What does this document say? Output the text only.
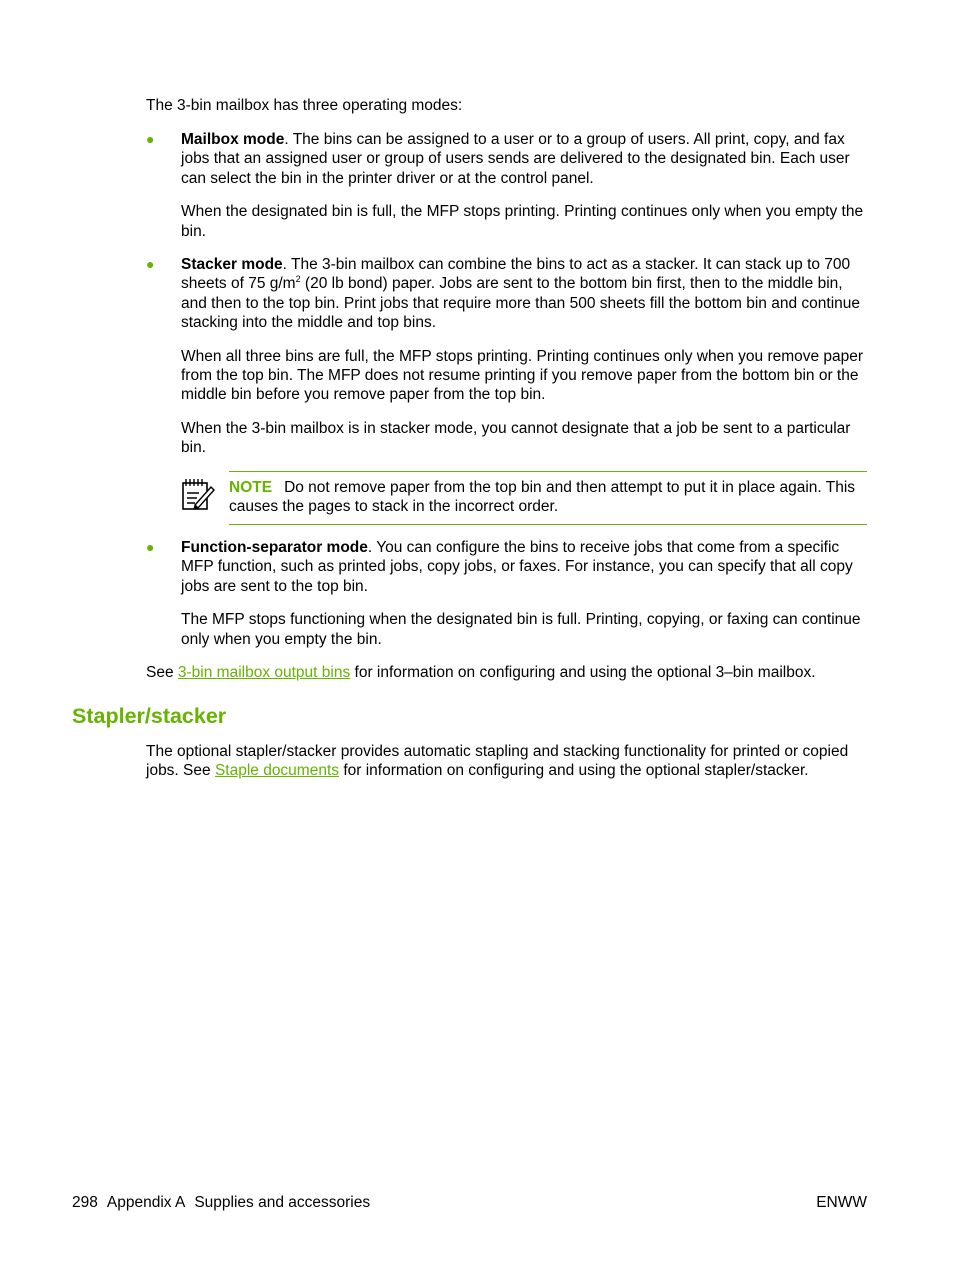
The 3-bin mailbox has three operating modes:

● Mailbox mode. The bins can be assigned to a user or to a group of users. All print, copy, and fax jobs that an assigned user or group of users sends are delivered to the designated bin. Each user can select the bin in the printer driver or at the control panel.

When the designated bin is full, the MFP stops printing. Printing continues only when you empty the bin.

● Stacker mode. The 3-bin mailbox can combine the bins to act as a stacker. It can stack up to 700 sheets of 75 $g/m^2$ (20 lb bond) paper. Jobs are sent to the bottom bin first, then to the middle bin, and then to the top bin. Print jobs that require more than 500 sheets fill the bottom bin and continue stacking into the middle and top bins.

When all three bins are full, the MFP stops printing. Printing continues only when you remove paper from the top bin. The MFP does not resume printing if you remove paper from the bottom bin or the middle bin before you remove paper from the top bin.

When the 3-bin mailbox is in stacker mode, you cannot designate that a job be sent to a particular bin.

NOTE Do not remove paper from the top bin and then attempt to put it in place again. This causes the pages to stack in the incorrect order.
● Function-separator mode. You can configure the bins to receive jobs that come from a specific MFP function, such as printed jobs, copy jobs, or faxes. For instance, you can specify that all copy jobs are sent to the top bin.

The MFP stops functioning when the designated bin is full. Printing, copying, or faxing can continue only when you empty the bin.

See 3-bin mailbox output bins for information on configuring and using the optional 3–bin mailbox.

Stapler/stacker

The optional stapler/stacker provides automatic stapling and stacking functionality for printed or copied jobs. See Staple documents for information on configuring and using the optional stapler/stacker.

298 Appendix A Supplies and accessories	ENWW
